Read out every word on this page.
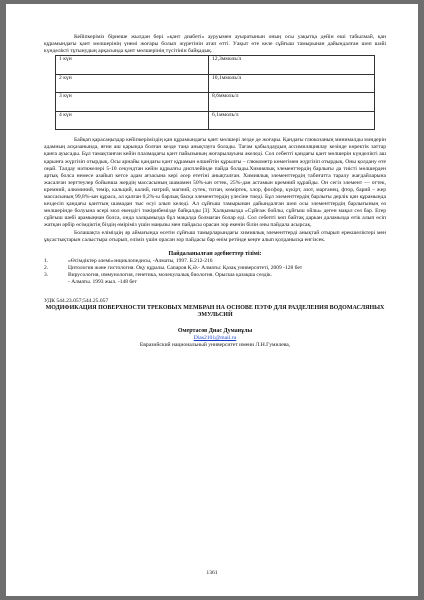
Кейіпкеріміз бірнеше жылдан бері «қант диабеті» ауруымен ауыратынын оның осы уақытқа дейін еші табылмай, қан құрамындағы қант мөлшерінің үнемі жоғары болып жүретінін атап өтті. Уақыт өте келе сұйғыш тамырынан дайындалған шөп шәйі күнделікті тұтынудың арқасында қант мөлшерінің түсітінін байқадық.

1 күн	12,3ммоль/л
2 күн	10,1ммоль/л
3 күн	8,6ммоль/л
4 күн	6,1ммоль/л

Байқап қарасаңыздар кейіпкеріміздің қан құрамындағы қант мөлшері лезде де жоғары. Қандағы глюкозаның минималды мәндерін адамның асқазанында, яғни аш қарында болған кезде таңа анықтауға болады. Тағам қабылдаудың ассимиляциялау кезінде көректік заттар қанға ауысады. Бұл тамақтанған кейін плазмадағы қант пайызының жоғарылауына әкеледі. Сол себепті қандағы қант мөлшерін күнделікті аш қарынға жүргізіп отырдық. Осы арнайы қандағы қант құрамын өлшейтін құрылғы – глюкометр көмегімен жүргізіп отырдық. Оны қолдану өте оңай. Талдау нәтижелері 5-10 секундтан кейін құрылғы дисплейінде пайда болады.Химиялық элементтердің барлығы да тиісті мөлшерден артық болса немесе азайып кетсе адам ағзасына кері әсер ететіні анықталған. Химиялық элементтердің табиғатта таралу жағдайларына жасалған зерттеулер бойынша жердің массасының шамамен 50%-ын оттек, 25%-дан астамын кремний құрайды. Он сегіз элемент — оттек, кремний, алюминий, темір, кальций, калий, натрий, магний, сутек, титан, көміртек, хлор, фосфор, күкірт, азот, марганец, фтор, барий – жер массасының 99,8%-ын құраса, ал қалған 0,2%-ы барлық басқа элементтердің үлесіне тиеді. Бұл элементтердің барлығы дерлік қан құрамында кездесіп қандағы қанттың шамадан тыс өсуі алып келеді. Ал сұйғыш тамырынан дайындалған шөп осы элементтердің барлығының өз мөлшерінде болуына әсері мол екендігі тәжірибемізде байқалды [3]. Халқымызда «Сұйғаж бойлы, сұйғыш ойлы» деген мақал сөз бар. Егер сұйғыш шөбі арамыңнан болса, онда халқымызда бұл мақалда болмаған болар еді. Сол себепті көп байтақ даркан даламызда өтік алып өсіп жатқан әрбір өсімдіктің біздің өміріміз үшін маңызы мен пайдасы орасан зор екенін білін оны пайдала асырсақ.

Болашақта еліміздің әр аймағында өсетін сұйғыш тамырларындағы химиялық элементтерді анықтай отырып ерекшеліктері мен ұқсастықтарын салыстыра отырып, еліміз үшін орасан зор пайдасы бар өнім ретінде кеңге алып қолданысқа енгізсек.

Пайдаланылған әдебиеттер тізімі:

1.	«Өсімдіктер әлемі»энциклопедисы, -Алматы, 1997. Б.212-216

2.	Цитология және гистология. Оқу құралы. Сапаров Қ.Ә.- Алматы: Қазақ университеті, 2009 -128 бет

3.	Вирусология, иммунология, генетика, молекулалық биология. Орысша қазақша сөздік.

- Алматы. 1993 жыл. -148 бет

УДК 544.23.057;544.25.057
МОДИФИКАЦИЯ ПОВЕРХНОСТИ ТРЕКОВЫХ МЕМБРАН НА ОСНОВЕ ПЭТФ ДЛЯ РАЗДЕЛЕНИЯ ВОДОМАСЛЯНЫХ ЭМУЛЬСИЙ
Омертасов Диас Думанұлы
Dias2101@mail.ru
Евразийский национальный университет имени Л.Н.Гумилева,
1361
